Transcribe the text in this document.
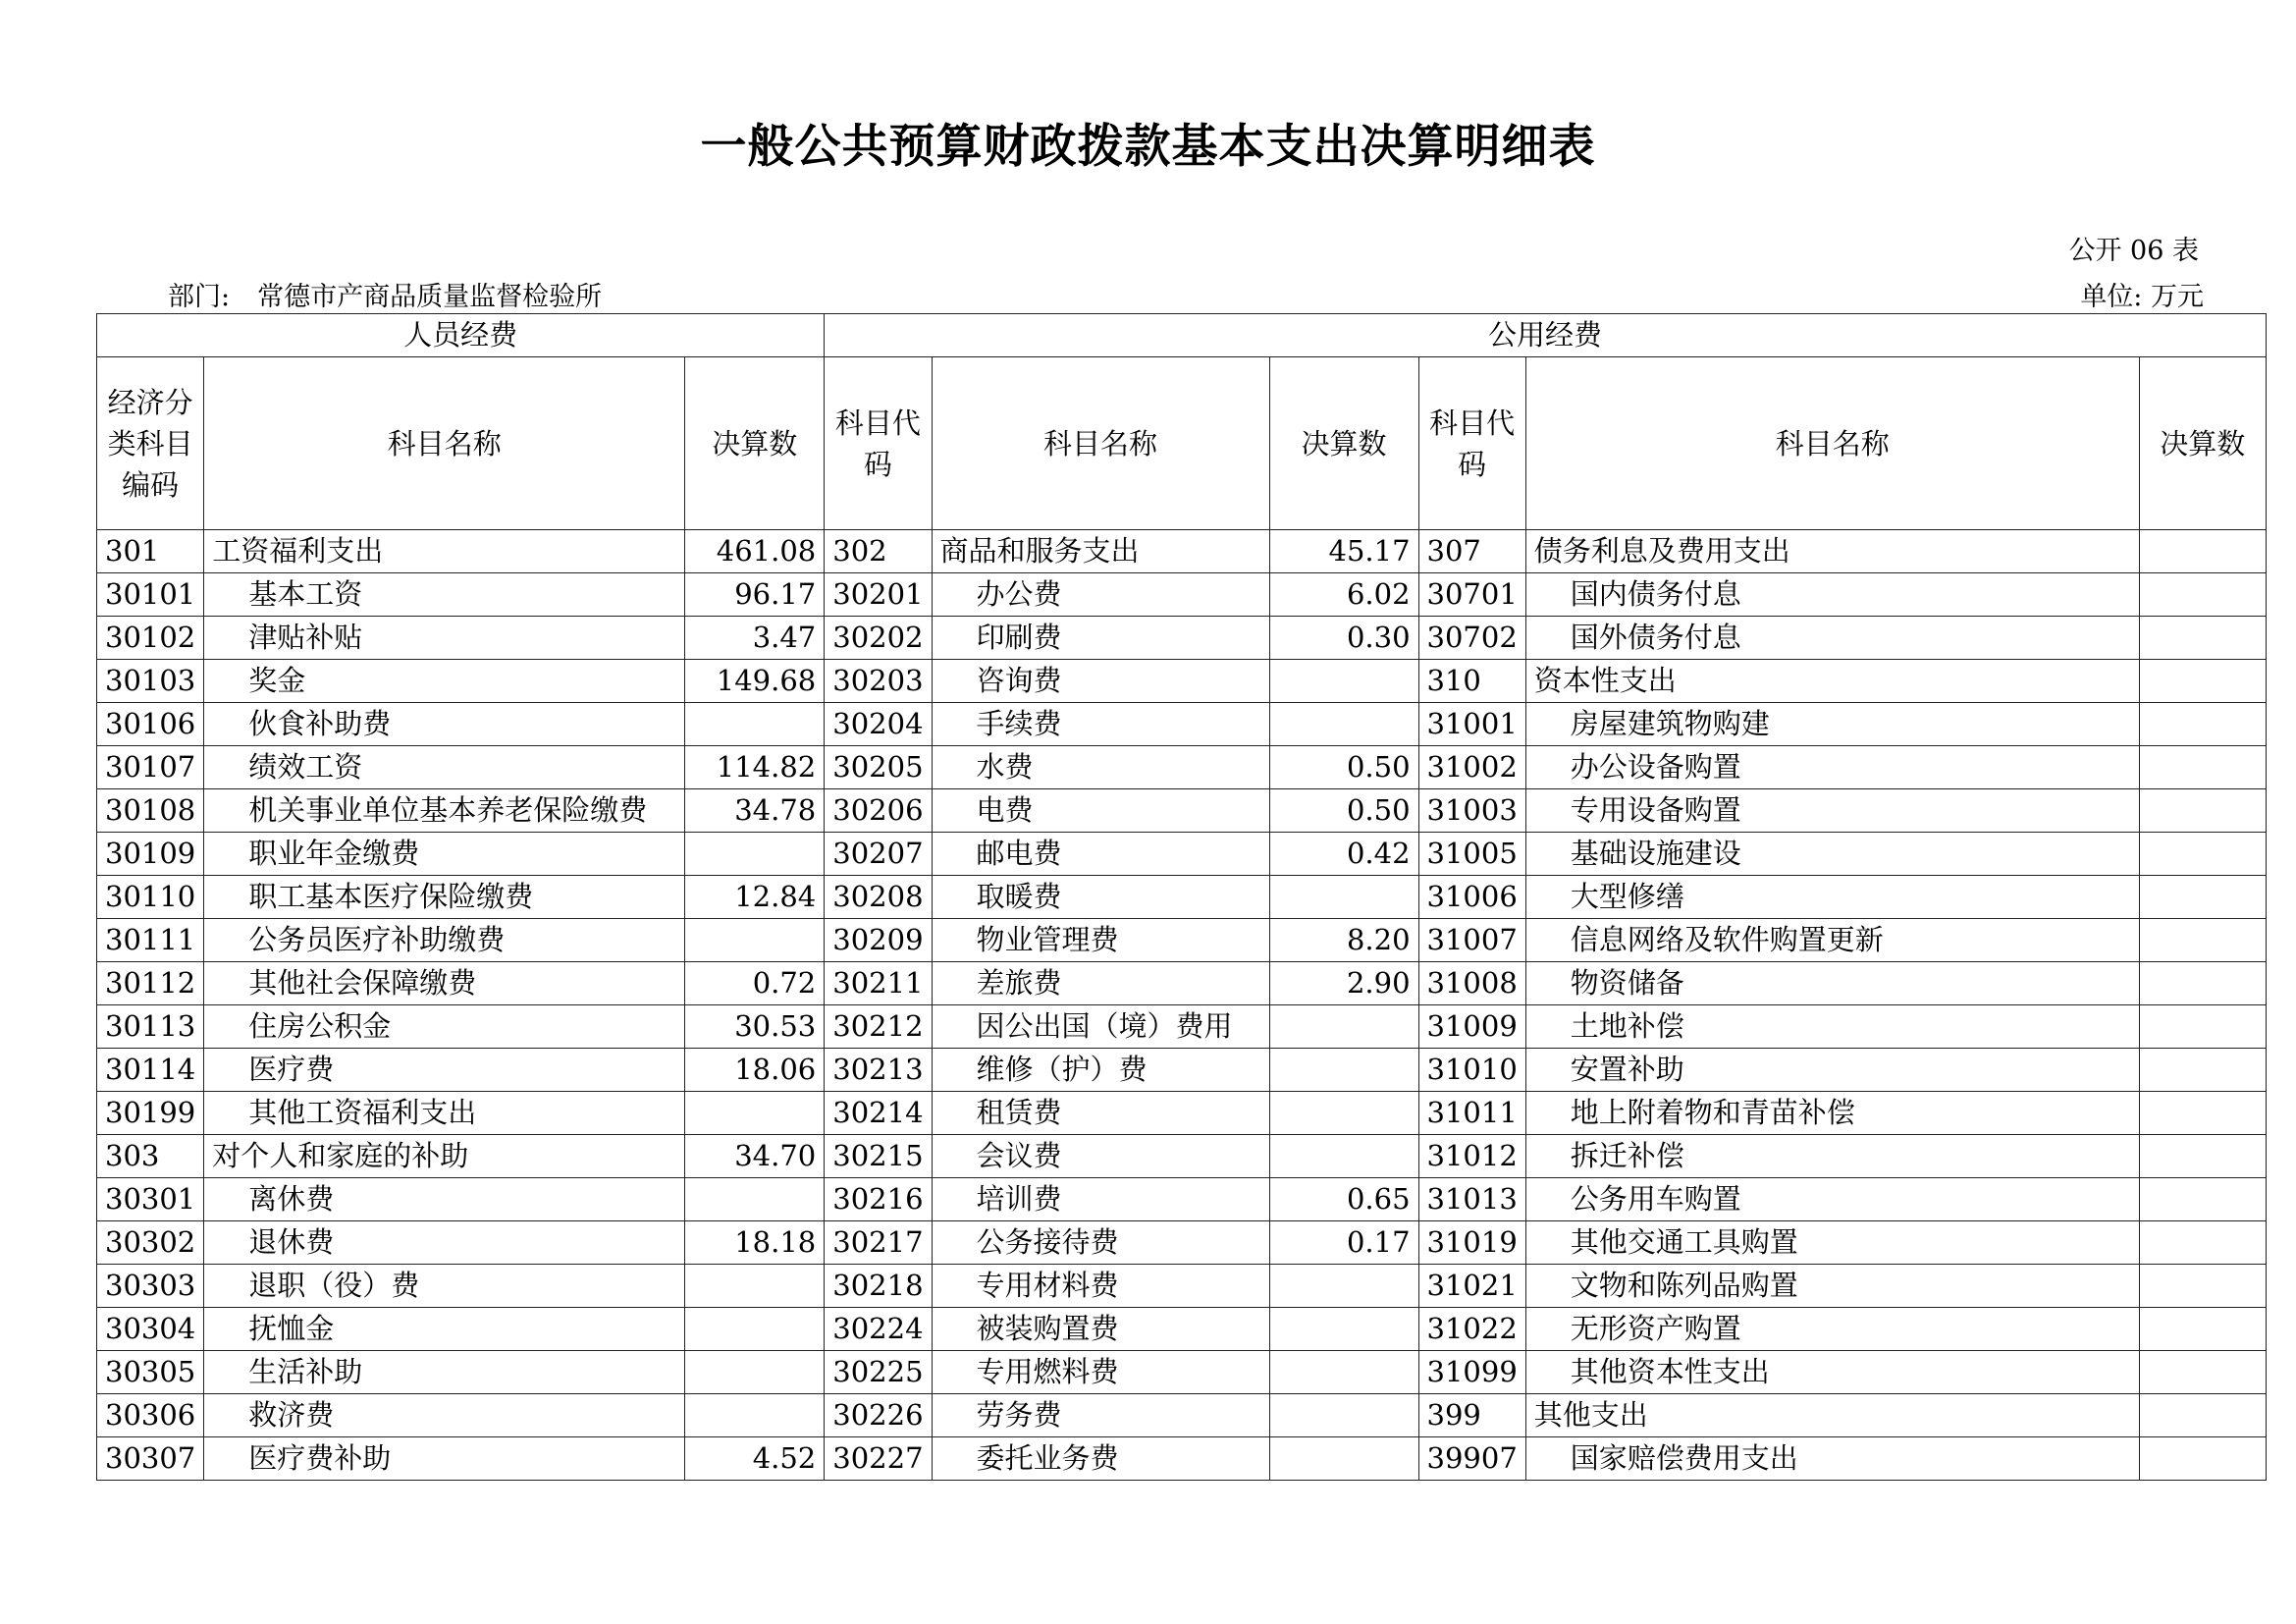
一般公共预算财政拨款基本支出决算明细表
公开 06 表
部门: 常德市产商品质量监督检验所	单位: 万元
人员经费			公用经费					
经济分类科目编码	科目名称	决算数	科目代码	科目名称	决算数	科目代码	科目名称	决算数
301	工资福利支出	461.08	302	商品和服务支出	45.17	307	债务利息及费用支出	
30101	基本工资	96.17	30201	办公费	6.02	30701	国内债务付息	
30102	津贴补贴	3.47	30202	印刷费	0.30	30702	国外债务付息	
30103	奖金	149.68	30203	咨询费		310	资本性支出	
30106	伙食补助费		30204	手续费		31001	房屋建筑物购建	
30107	绩效工资	114.82	30205	水费	0.50	31002	办公设备购置	
30108	机关事业单位基本养老保险缴费	34.78	30206	电费	0.50	31003	专用设备购置	
30109	职业年金缴费		30207	邮电费	0.42	31005	基础设施建设	
30110	职工基本医疗保险缴费	12.84	30208	取暖费		31006	大型修缮	
30111	公务员医疗补助缴费		30209	物业管理费	8.20	31007	信息网络及软件购置更新	
30112	其他社会保障缴费	0.72	30211	差旅费	2.90	31008	物资储备	
30113	住房公积金	30.53	30212	因公出国（境）费用		31009	土地补偿	
30114	医疗费	18.06	30213	维修（护）费		31010	安置补助	
30199	其他工资福利支出		30214	租赁费		31011	地上附着物和青苗补偿	
303	对个人和家庭的补助	34.70	30215	会议费		31012	拆迁补偿	
30301	离休费		30216	培训费	0.65	31013	公务用车购置	
30302	退休费	18.18	30217	公务接待费	0.17	31019	其他交通工具购置	
30303	退职（役）费		30218	专用材料费		31021	文物和陈列品购置	
30304	抚恤金		30224	被装购置费		31022	无形资产购置	
30305	生活补助		30225	专用燃料费		31099	其他资本性支出	
30306	救济费		30226	劳务费		399	其他支出	
30307	医疗费补助	4.52	30227	委托业务费		39907	国家赔偿费用支出	
